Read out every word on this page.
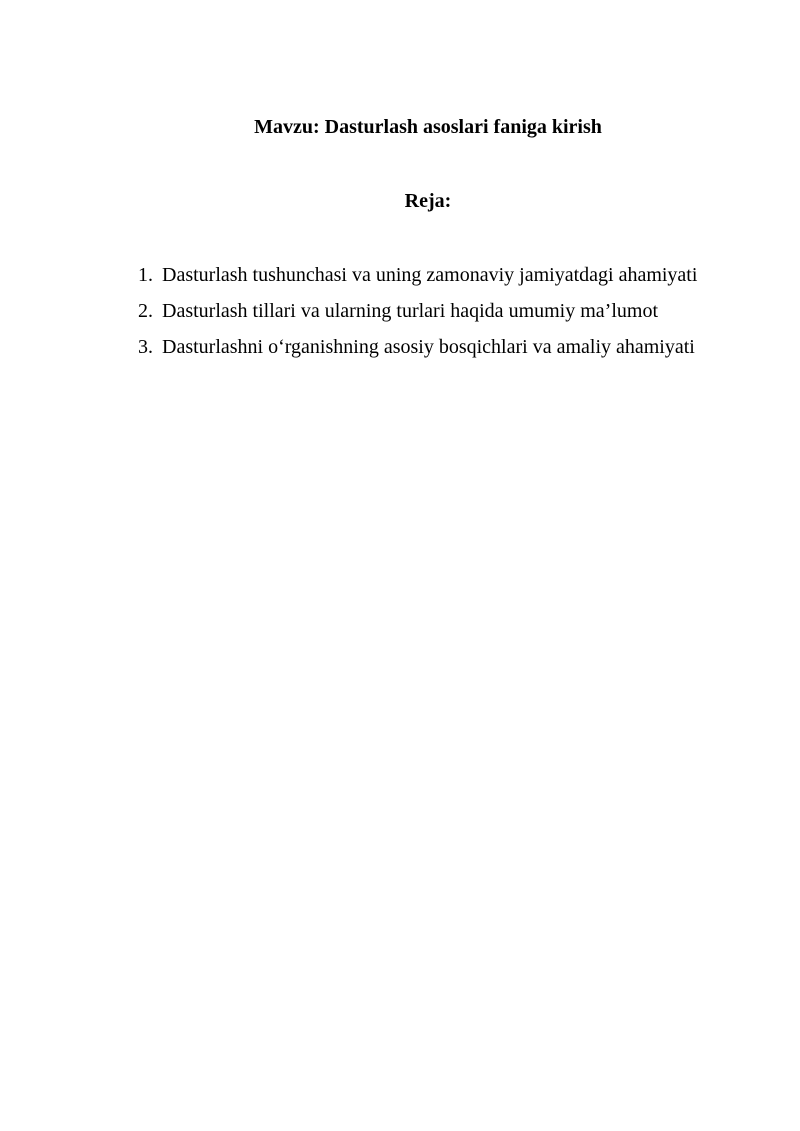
Mavzu: Dasturlash asoslari faniga kirish
Reja:
1. Dasturlash tushunchasi va uning zamonaviy jamiyatdagi ahamiyati
2. Dasturlash tillari va ularning turlari haqida umumiy ma’lumot
3. Dasturlashni o‘rganishning asosiy bosqichlari va amaliy ahamiyati
